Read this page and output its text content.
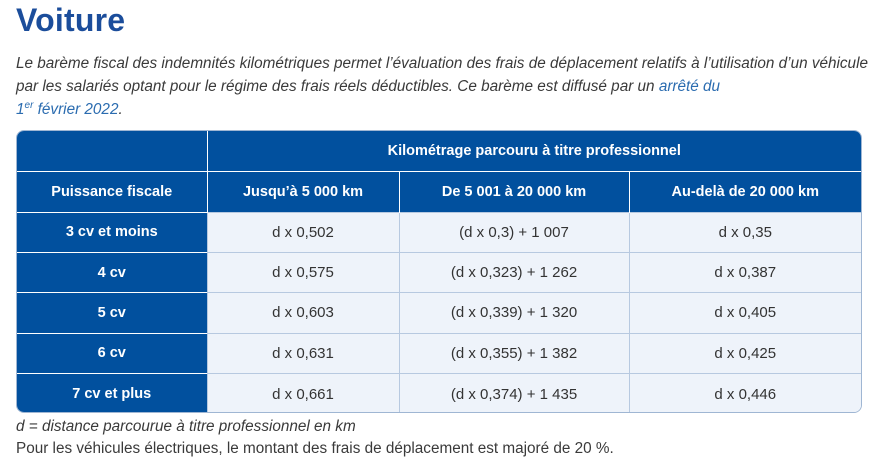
Voiture

Le barème fiscal des indemnités kilométriques permet l’évaluation des frais de déplacement relatifs à l’utilisation d’un véhicule par les salariés optant pour le régime des frais réels déductibles. Ce barème est diffusé par un arrêté du
1er février 2022.

	Kilométrage parcouru à titre professionnel		
Puissance fiscale	Jusqu’à 5 000 km	De 5 001 à 20 000 km	Au-delà de 20 000 km
3 cv et moins	d x 0,502	(d x 0,3) + 1 007	d x 0,35
4 cv	d x 0,575	(d x 0,323) + 1 262	d x 0,387
5 cv	d x 0,603	(d x 0,339) + 1 320	d x 0,405
6 cv	d x 0,631	(d x 0,355) + 1 382	d x 0,425
7 cv et plus	d x 0,661	(d x 0,374) + 1 435	d x 0,446

d = distance parcourue à titre professionnel en km

Pour les véhicules électriques, le montant des frais de déplacement est majoré de 20 %.
